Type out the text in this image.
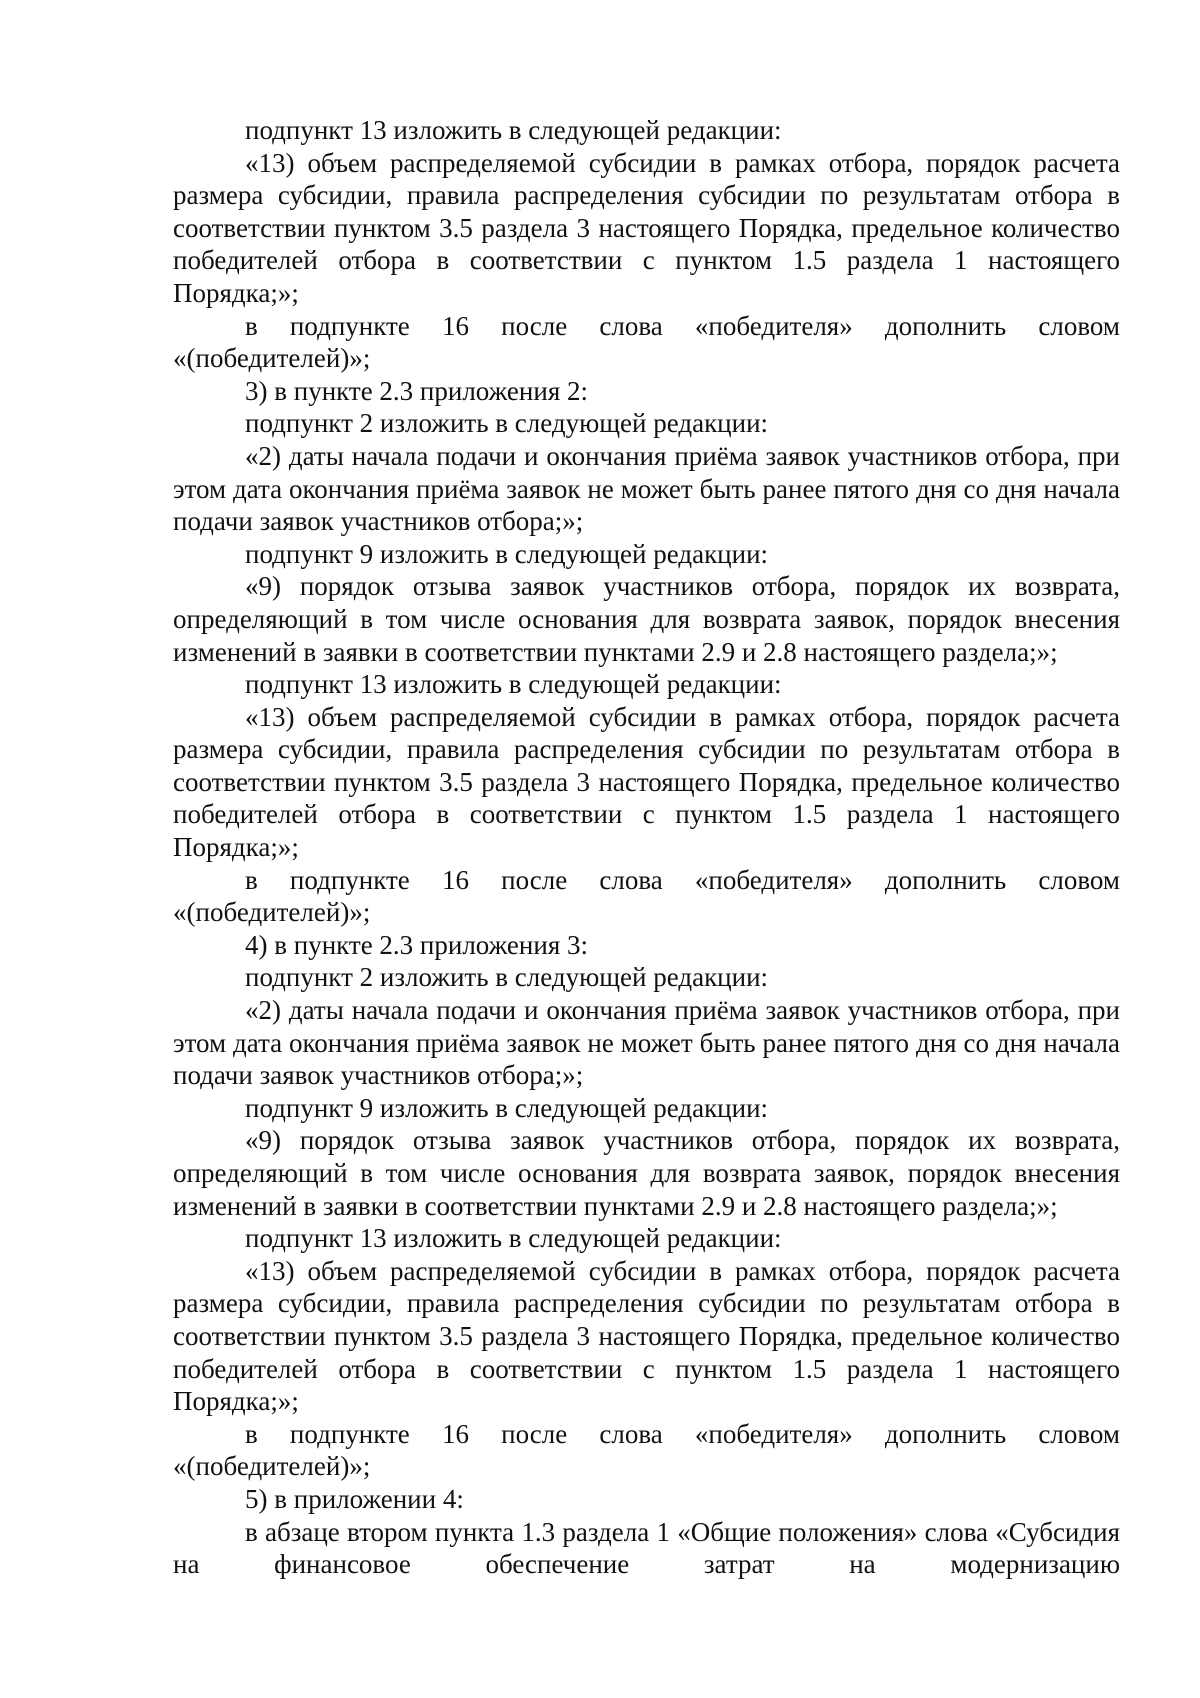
подпункт 13 изложить в следующей редакции:

«13) объем распределяемой субсидии в рамках отбора, порядок расчета размера субсидии, правила распределения субсидии по результатам отбора в соответствии пунктом 3.5 раздела 3 настоящего Порядка, предельное количество победителей отбора в соответствии с пунктом 1.5 раздела 1 настоящего Порядка;»;

в подпункте 16 после слова «победителя» дополнить словом «(победителей)»;

3) в пункте 2.3 приложения 2:

подпункт 2 изложить в следующей редакции:

«2) даты начала подачи и окончания приёма заявок участников отбора, при этом дата окончания приёма заявок не может быть ранее пятого дня со дня начала подачи заявок участников отбора;»;

подпункт 9 изложить в следующей редакции:

«9) порядок отзыва заявок участников отбора, порядок их возврата, определяющий в том числе основания для возврата заявок, порядок внесения изменений в заявки в соответствии пунктами 2.9 и 2.8 настоящего раздела;»;

подпункт 13 изложить в следующей редакции:

«13) объем распределяемой субсидии в рамках отбора, порядок расчета размера субсидии, правила распределения субсидии по результатам отбора в соответствии пунктом 3.5 раздела 3 настоящего Порядка, предельное количество победителей отбора в соответствии с пунктом 1.5 раздела 1 настоящего Порядка;»;

в подпункте 16 после слова «победителя» дополнить словом «(победителей)»;

4) в пункте 2.3 приложения 3:

подпункт 2 изложить в следующей редакции:

«2) даты начала подачи и окончания приёма заявок участников отбора, при этом дата окончания приёма заявок не может быть ранее пятого дня со дня начала подачи заявок участников отбора;»;

подпункт 9 изложить в следующей редакции:

«9) порядок отзыва заявок участников отбора, порядок их возврата, определяющий в том числе основания для возврата заявок, порядок внесения изменений в заявки в соответствии пунктами 2.9 и 2.8 настоящего раздела;»;

подпункт 13 изложить в следующей редакции:

«13) объем распределяемой субсидии в рамках отбора, порядок расчета размера субсидии, правила распределения субсидии по результатам отбора в соответствии пунктом 3.5 раздела 3 настоящего Порядка, предельное количество победителей отбора в соответствии с пунктом 1.5 раздела 1 настоящего Порядка;»;

в подпункте 16 после слова «победителя» дополнить словом «(победителей)»;

5) в приложении 4:

в абзаце втором пункта 1.3 раздела 1 «Общие положения» слова «Субсидия на финансовое обеспечение затрат на модернизацию
